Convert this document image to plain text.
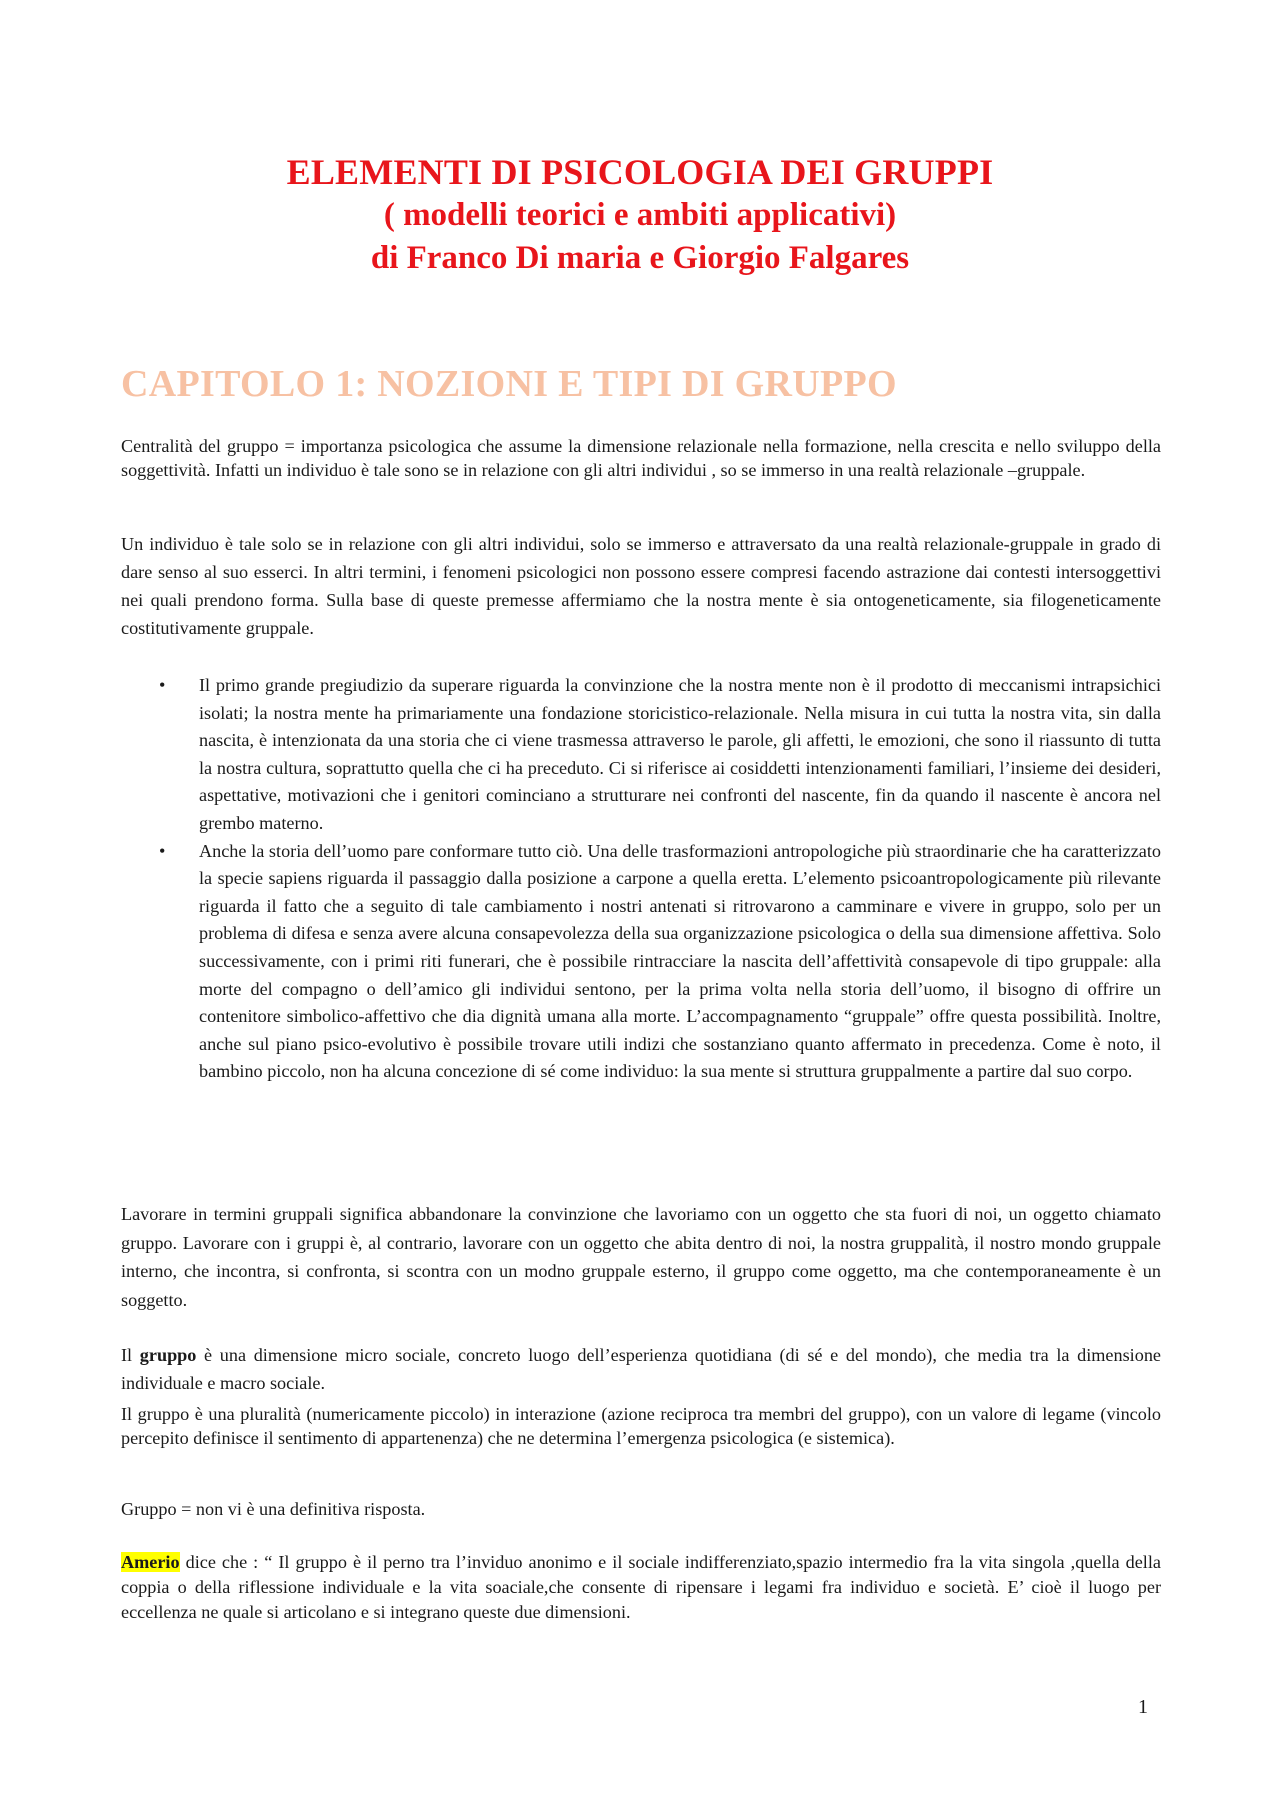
ELEMENTI DI PSICOLOGIA DEI GRUPPI
( modelli teorici e ambiti applicativi)
di Franco Di maria e Giorgio Falgares
CAPITOLO 1: NOZIONI E TIPI DI GRUPPO
Centralità del gruppo = importanza psicologica che assume la dimensione relazionale nella formazione, nella crescita e nello sviluppo della soggettività. Infatti un individuo è tale sono se in relazione con gli altri individui , so se immerso in una realtà relazionale –gruppale.
Un individuo è tale solo se in relazione con gli altri individui, solo se immerso e attraversato da una realtà relazionale-gruppale in grado di dare senso al suo esserci. In altri termini, i fenomeni psicologici non possono essere compresi facendo astrazione dai contesti intersoggettivi nei quali prendono forma. Sulla base di queste premesse affermiamo che la nostra mente è sia ontogeneticamente, sia filogeneticamente costitutivamente gruppale.
• Il primo grande pregiudizio da superare riguarda la convinzione che la nostra mente non è il prodotto di meccanismi intrapsichici isolati; la nostra mente ha primariamente una fondazione storicistico-relazionale. Nella misura in cui tutta la nostra vita, sin dalla nascita, è intenzionata da una storia che ci viene trasmessa attraverso le parole, gli affetti, le emozioni, che sono il riassunto di tutta la nostra cultura, soprattutto quella che ci ha preceduto. Ci si riferisce ai cosiddetti intenzionamenti familiari, l’insieme dei desideri, aspettative, motivazioni che i genitori cominciano a strutturare nei confronti del nascente, fin da quando il nascente è ancora nel grembo materno.
• Anche la storia dell’uomo pare conformare tutto ciò. Una delle trasformazioni antropologiche più straordinarie che ha caratterizzato la specie sapiens riguarda il passaggio dalla posizione a carpone a quella eretta. L’elemento psicoantropologicamente più rilevante riguarda il fatto che a seguito di tale cambiamento i nostri antenati si ritrovarono a camminare e vivere in gruppo, solo per un problema di difesa e senza avere alcuna consapevolezza della sua organizzazione psicologica o della sua dimensione affettiva. Solo successivamente, con i primi riti funerari, che è possibile rintracciare la nascita dell’affettività consapevole di tipo gruppale: alla morte del compagno o dell’amico gli individui sentono, per la prima volta nella storia dell’uomo, il bisogno di offrire un contenitore simbolico-affettivo che dia dignità umana alla morte. L’accompagnamento “gruppale” offre questa possibilità. Inoltre, anche sul piano psico-evolutivo è possibile trovare utili indizi che sostanziano quanto affermato in precedenza. Come è noto, il bambino piccolo, non ha alcuna concezione di sé come individuo: la sua mente si struttura gruppalmente a partire dal suo corpo.
Lavorare in termini gruppali significa abbandonare la convinzione che lavoriamo con un oggetto che sta fuori di noi, un oggetto chiamato gruppo. Lavorare con i gruppi è, al contrario, lavorare con un oggetto che abita dentro di noi, la nostra gruppalità, il nostro mondo gruppale interno, che incontra, si confronta, si scontra con un modno gruppale esterno, il gruppo come oggetto, ma che contemporaneamente è un soggetto.
Il gruppo è una dimensione micro sociale, concreto luogo dell’esperienza quotidiana (di sé e del mondo), che media tra la dimensione individuale e macro sociale.
Il gruppo è una pluralità (numericamente piccolo) in interazione (azione reciproca tra membri del gruppo), con un valore di legame (vincolo percepito definisce il sentimento di appartenenza) che ne determina l’emergenza psicologica (e sistemica).
Gruppo = non vi è una definitiva risposta.
Amerio dice che : “ Il gruppo è il perno tra l’invidu​o anonimo e il sociale indifferenziato,spazio intermedio fra la vita singola ,quella della coppia o della riflessione individuale e la vita soaciale,che consente di ripensare i legami fra individuo e società. E’ cioè il luogo per eccellenza ne quale si articolano e si integrano queste due dimensioni.
1
